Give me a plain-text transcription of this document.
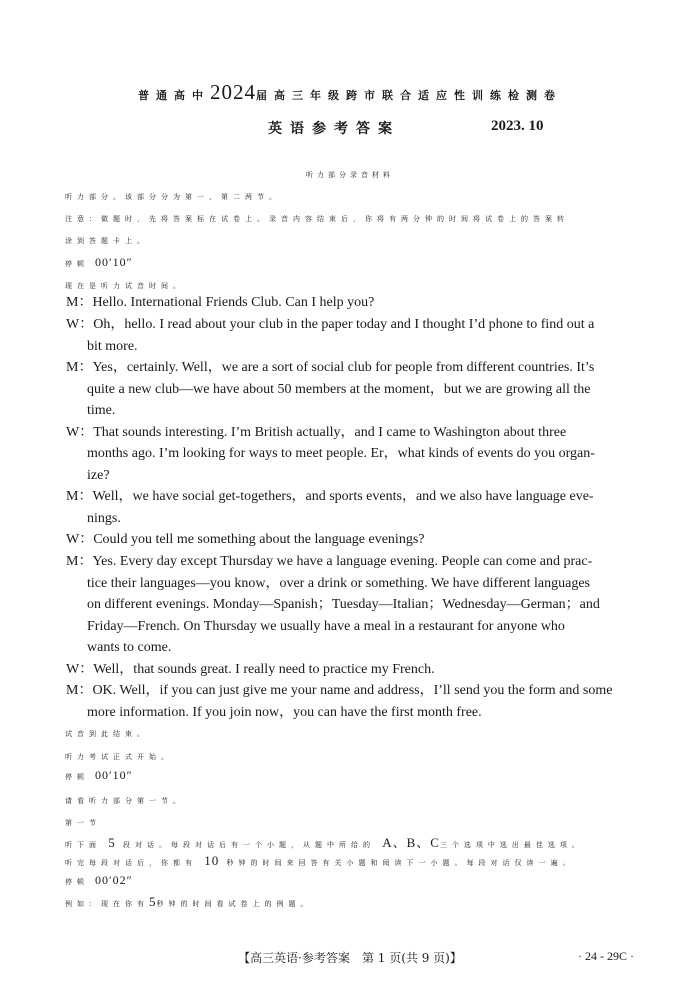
普通高中2024届高三年级跨市联合适应性训练检测卷
英语参考答案	2023. 10
听力部分录音材料
听力部分。该部分分为第一、第二两节。
注意：做题时，先将答案标在试卷上。录音内容结束后，你将有两分钟的时间将试卷上的答案转
涂到答题卡上。
停顿 00′10″
现在是听力试音时间。
M：Hello. International Friends Club. Can I help you?
W：Oh，hello. I read about your club in the paper today and I thought I’d phone to find out a
bit more.
M：Yes，certainly. Well，we are a sort of social club for people from different countries. It’s
quite a new club—we have about 50 members at the moment，but we are growing all the
time.
W：That sounds interesting. I’m British actually，and I came to Washington about three
months ago. I’m looking for ways to meet people. Er，what kinds of events do you organ-
ize?
M：Well，we have social get-togethers，and sports events，and we also have language eve-
nings.
W：Could you tell me something about the language evenings?
M：Yes. Every day except Thursday we have a language evening. People can come and prac-
tice their languages—you know，over a drink or something. We have different languages
on different evenings. Monday—Spanish；Tuesday—Italian；Wednesday—German；and
Friday—French. On Thursday we usually have a meal in a restaurant for anyone who
wants to come.
W：Well，that sounds great. I really need to practice my French.
M：OK. Well，if you can just give me your name and address，I’ll send you the form and some
more information. If you join now，you can have the first month free.
试音到此结束。
听力考试正式开始。
停顿 00′10″
请看听力部分第一节。
第一节
听下面 5 段对话。每段对话后有一个小题，从题中所给的 A、B、C三个选项中选出最佳选项。
听完每段对话后，你都有 10 秒钟的时间来回答有关小题和阅读下一小题。每段对话仅读一遍。
停顿 00′02″
例如：现在你有5秒钟的时间看试卷上的例题。
【高三英语·参考答案　第 1 页(共 9 页)】	· 24 - 29C ·
